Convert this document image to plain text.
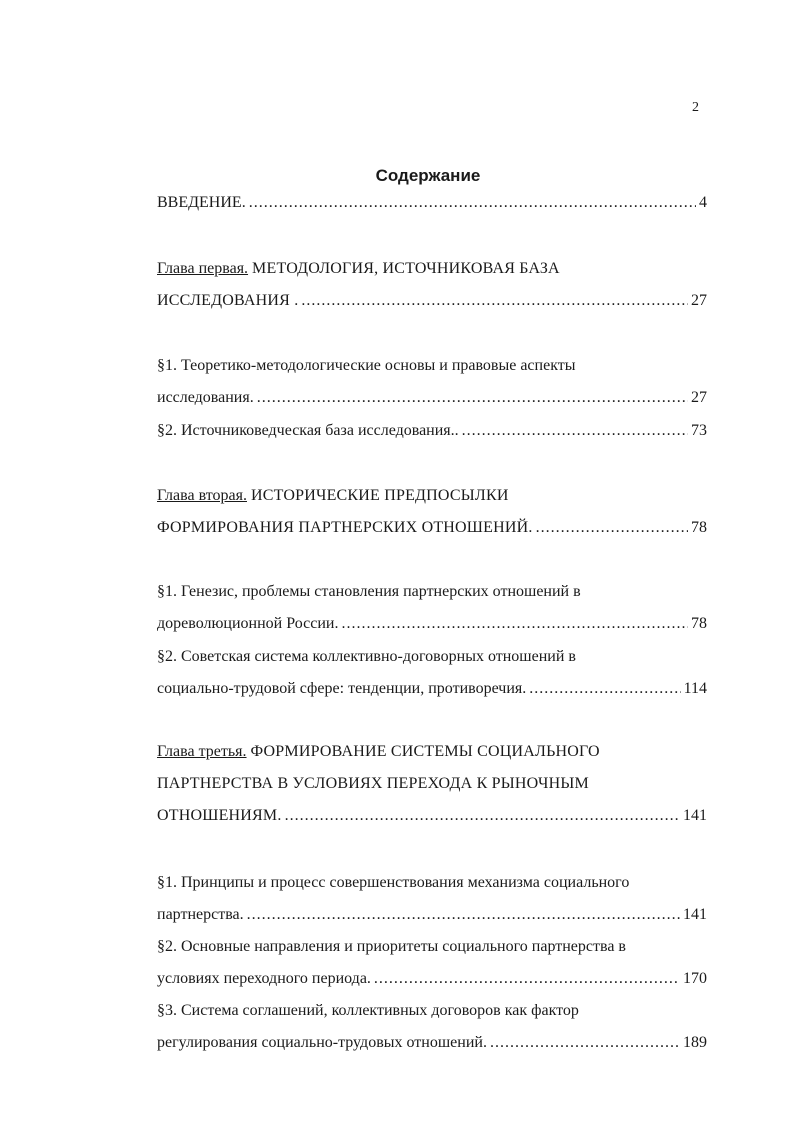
2
Содержание
ВВЕДЕНИЕ. .....	4
Глава первая. МЕТОДОЛОГИЯ, ИСТОЧНИКОВАЯ БАЗА
ИССЛЕДОВАНИЯ . .....	27
§1. Теоретико-методологические основы и правовые аспекты
исследования. .....	27
§2. Источниковедческая база исследования.. .....	73
Глава вторая. ИСТОРИЧЕСКИЕ ПРЕДПОСЫЛКИ
ФОРМИРОВАНИЯ ПАРТНЕРСКИХ ОТНОШЕНИЙ. .....	78
§1. Генезис, проблемы становления партнерских отношений в
дореволюционной России. .....	78
§2. Советская система коллективно-договорных отношений в
социально-трудовой сфере: тенденции, противоречия. .....	114
Глава третья. ФОРМИРОВАНИЕ СИСТЕМЫ СОЦИАЛЬНОГО
ПАРТНЕРСТВА В УСЛОВИЯХ ПЕРЕХОДА К РЫНОЧНЫМ
ОТНОШЕНИЯМ. .....	141
§1. Принципы и процесс совершенствования механизма социального
партнерства. .....	141
§2. Основные направления и приоритеты социального партнерства в
условиях переходного периода. .....	170
§3. Система соглашений, коллективных договоров как фактор
регулирования социально-трудовых отношений. .....	189
